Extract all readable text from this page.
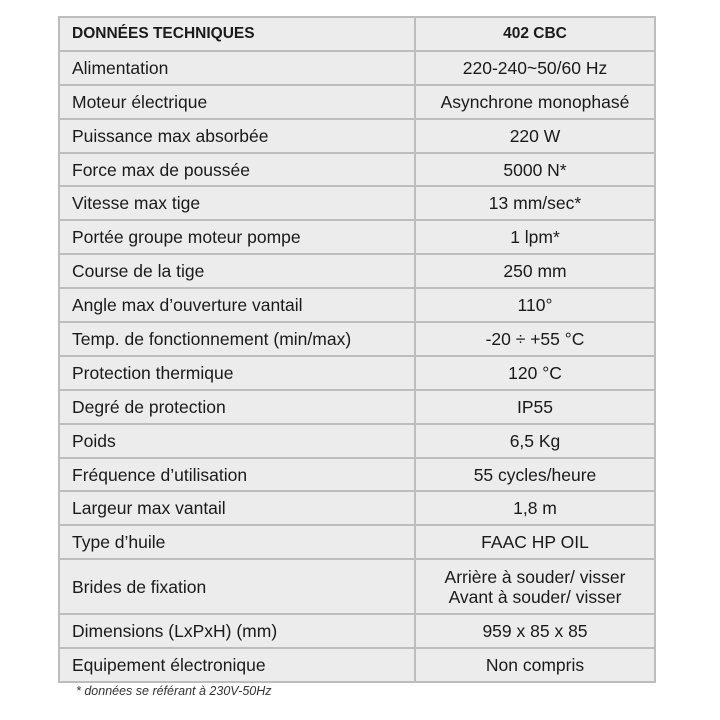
DONNÉES TECHNIQUES	402 CBC
Alimentation	220-240~50/60 Hz
Moteur électrique	Asynchrone monophasé
Puissance max absorbée	220 W
Force max de poussée	5000 N*
Vitesse max tige	13 mm/sec*
Portée groupe moteur pompe	1 lpm*
Course de la tige	250 mm
Angle max d’ouverture vantail	110°
Temp. de fonctionnement (min/max)	-20 ÷ +55 °C
Protection thermique	120 °C
Degré de protection	IP55
Poids	6,5 Kg
Fréquence d’utilisation	55 cycles/heure
Largeur max vantail	1,8 m
Type d’huile	FAAC HP OIL
Brides de fixation	Arrière à souder/ visser
Avant à souder/ visser

Dimensions (LxPxH) (mm)	959 x 85 x 85
Equipement électronique	Non compris
* données se référant à 230V-50Hz
